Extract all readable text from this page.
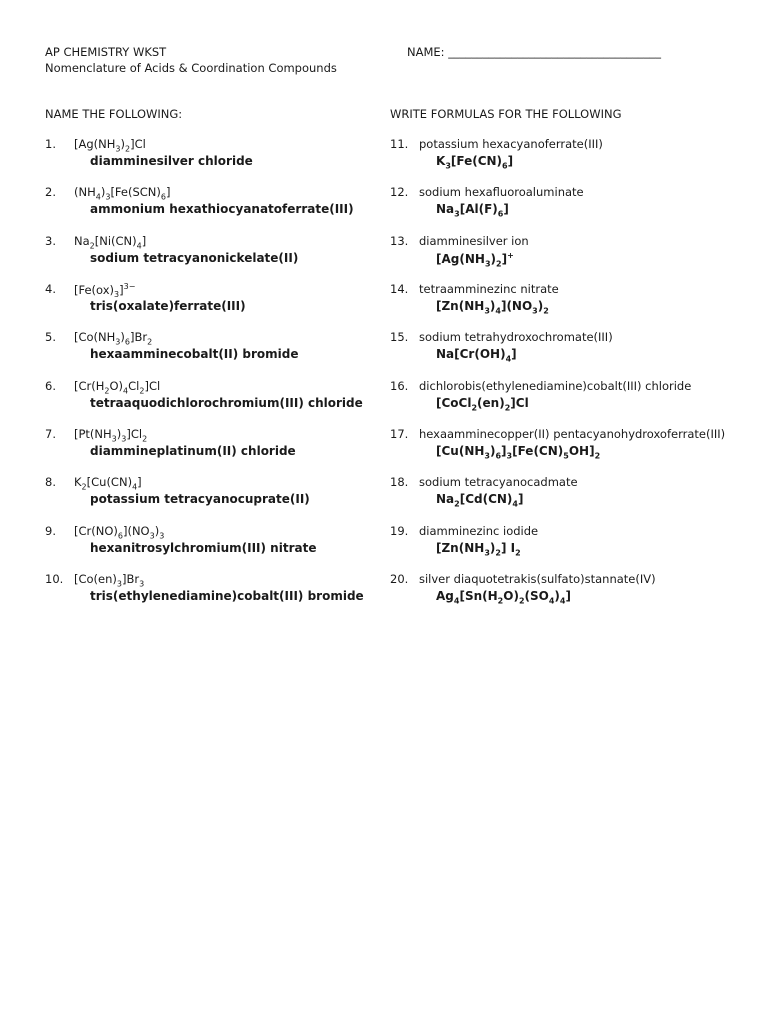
AP CHEMISTRY WKST
Nomenclature of Acids & Coordination Compounds
NAME: _____________________________________
NAME THE FOLLOWING:	WRITE FORMULAS FOR THE FOLLOWING
1. $[Ag(NH_3)_2]Cl$
diamminesilver chloride
2. $(NH_4)_3[Fe(SCN)_6]$
ammonium hexathiocyanatoferrate(III)
3. $Na_2[Ni(CN)_4]$
sodium tetracyanonickelate(II)
4. $[Fe(ox)_3]^{3-}$
tris(oxalate)ferrate(III)
5. $[Co(NH_3)_6]Br_2$
hexaamminecobalt(II) bromide
6. $[Cr(H_2O)_4Cl_2]Cl$
tetraaquodichlorochromium(III) chloride
7. $[Pt(NH_3)_3]Cl_2$
diammineplatinum(II) chloride
8. $K_2[Cu(CN)_4]$
potassium tetracyanocuprate(II)
9. $[Cr(NO)_6](NO_3)_3$
hexanitrosylchromium(III) nitrate
10. $[Co(en)_3]Br_3$
tris(ethylenediamine)cobalt(III) bromide
11. potassium hexacyanoferrate(III)
$K_3[Fe(CN)_6]$
12. sodium hexafluoroaluminate
$Na_3[Al(F)_6]$
13. diamminesilver ion
$[Ag(NH_3)_2]^+$
14. tetraamminezinc nitrate
$[Zn(NH_3)_4](NO_3)_2$
15. sodium tetrahydroxochromate(III)
$Na[Cr(OH)_4]$
16. dichlorobis(ethylenediamine)cobalt(III) chloride
$[CoCl_2(en)_2]Cl$
17. hexaamminecopper(II) pentacyanohydroxoferrate(III)
$[Cu(NH_3)_6]_3[Fe(CN)_5OH]_2$
18. sodium tetracyanocadmate
$Na_2[Cd(CN)_4]$
19. diamminezinc iodide
$[Zn(NH_3)_2]$ $I_2$
20. silver diaquotetrakis(sulfato)stannate(IV)
$Ag_4[Sn(H_2O)_2(SO_4)_4]$
